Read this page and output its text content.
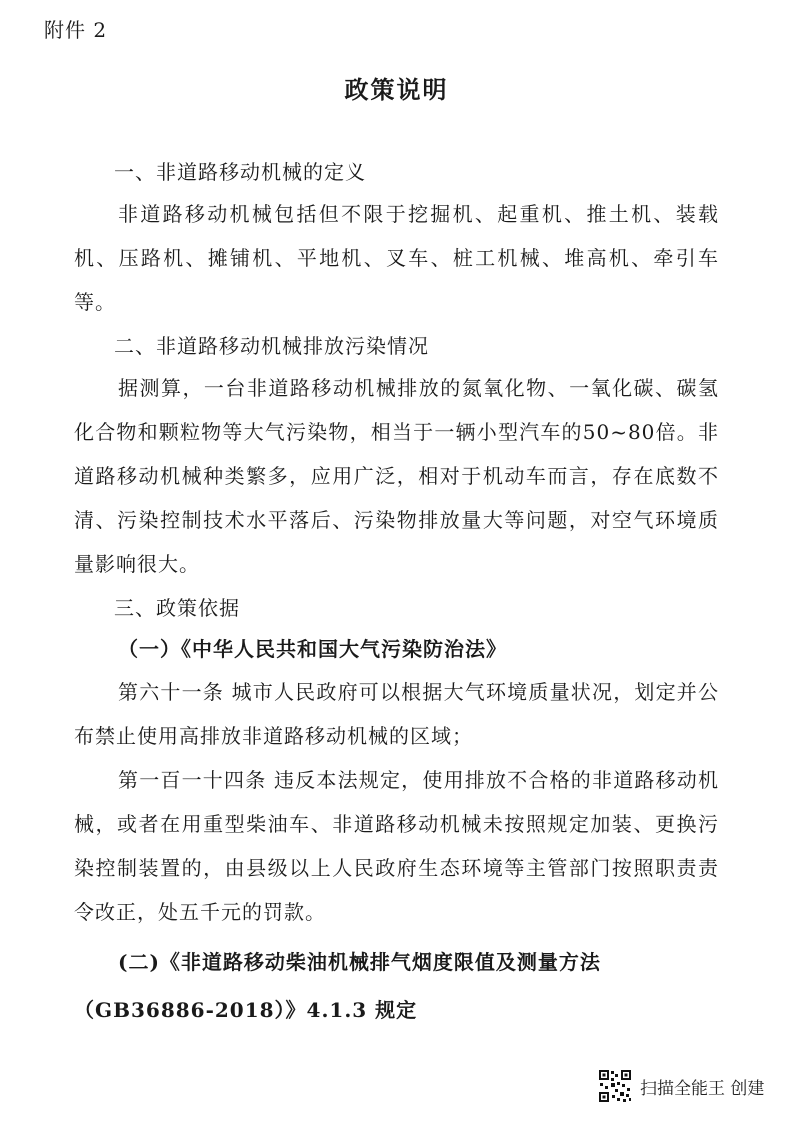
附件 2
政策说明

一、非道路移动机械的定义

非道路移动机械包括但不限于挖掘机、起重机、推土机、装载机、压路机、摊铺机、平地机、叉车、桩工机械、堆高机、牵引车等。

二、非道路移动机械排放污染情况

据测算，一台非道路移动机械排放的氮氧化物、一氧化碳、碳氢化合物和颗粒物等大气污染物，相当于一辆小型汽车的50~80倍。非道路移动机械种类繁多，应用广泛，相对于机动车而言，存在底数不清、污染控制技术水平落后、污染物排放量大等问题，对空气环境质量影响很大。

三、政策依据

（一）《中华人民共和国大气污染防治法》

第六十一条 城市人民政府可以根据大气环境质量状况，划定并公布禁止使用高排放非道路移动机械的区域；

第一百一十四条 违反本法规定，使用排放不合格的非道路移动机械，或者在用重型柴油车、非道路移动机械未按照规定加装、更换污染控制装置的，由县级以上人民政府生态环境等主管部门按照职责责令改正，处五千元的罚款。

(二)《非道路移动柴油机械排气烟度限值及测量方法（GB36886-2018）》4.1.3 规定

扫描全能王 创建
